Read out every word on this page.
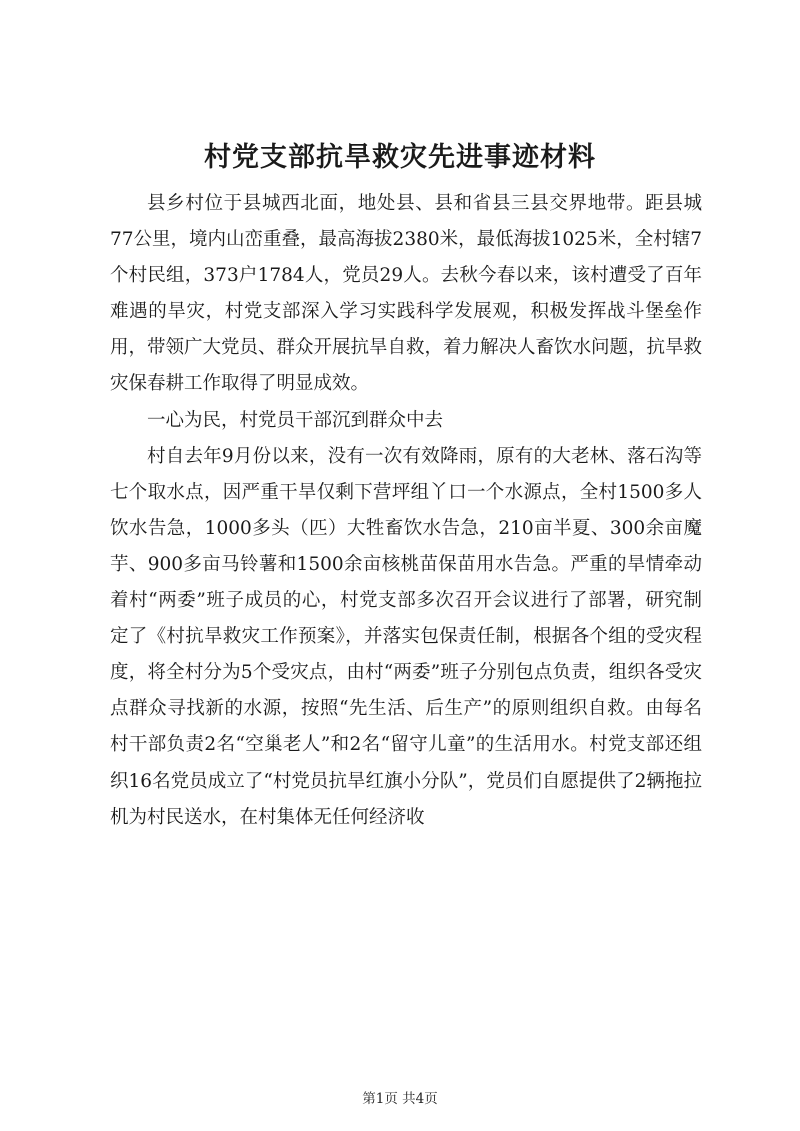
村党支部抗旱救灾先进事迹材料

县乡村位于县城西北面，地处县、县和省县三县交界地带。距县城77公里，境内山峦重叠，最高海拔2380米，最低海拔1025米，全村辖7个村民组，373户1784人，党员29人。去秋今春以来，该村遭受了百年难遇的旱灾，村党支部深入学习实践科学发展观，积极发挥战斗堡垒作用，带领广大党员、群众开展抗旱自救，着力解决人畜饮水问题，抗旱救灾保春耕工作取得了明显成效。

一心为民，村党员干部沉到群众中去

村自去年9月份以来，没有一次有效降雨，原有的大老林、落石沟等七个取水点，因严重干旱仅剩下营坪组丫口一个水源点，全村1500多人饮水告急，1000多头（匹）大牲畜饮水告急，210亩半夏、300余亩魔芋、900多亩马铃薯和1500余亩核桃苗保苗用水告急。严重的旱情牵动着村“两委”班子成员的心，村党支部多次召开会议进行了部署，研究制定了《村抗旱救灾工作预案》，并落实包保责任制，根据各个组的受灾程度，将全村分为5个受灾点，由村“两委”班子分别包点负责，组织各受灾点群众寻找新的水源，按照“先生活、后生产”的原则组织自救。由每名村干部负责2名“空巢老人”和2名“留守儿童”的生活用水。村党支部还组织16名党员成立了“村党员抗旱红旗小分队”，党员们自愿提供了2辆拖拉机为村民送水，在村集体无任何经济收

第1页 共4页
